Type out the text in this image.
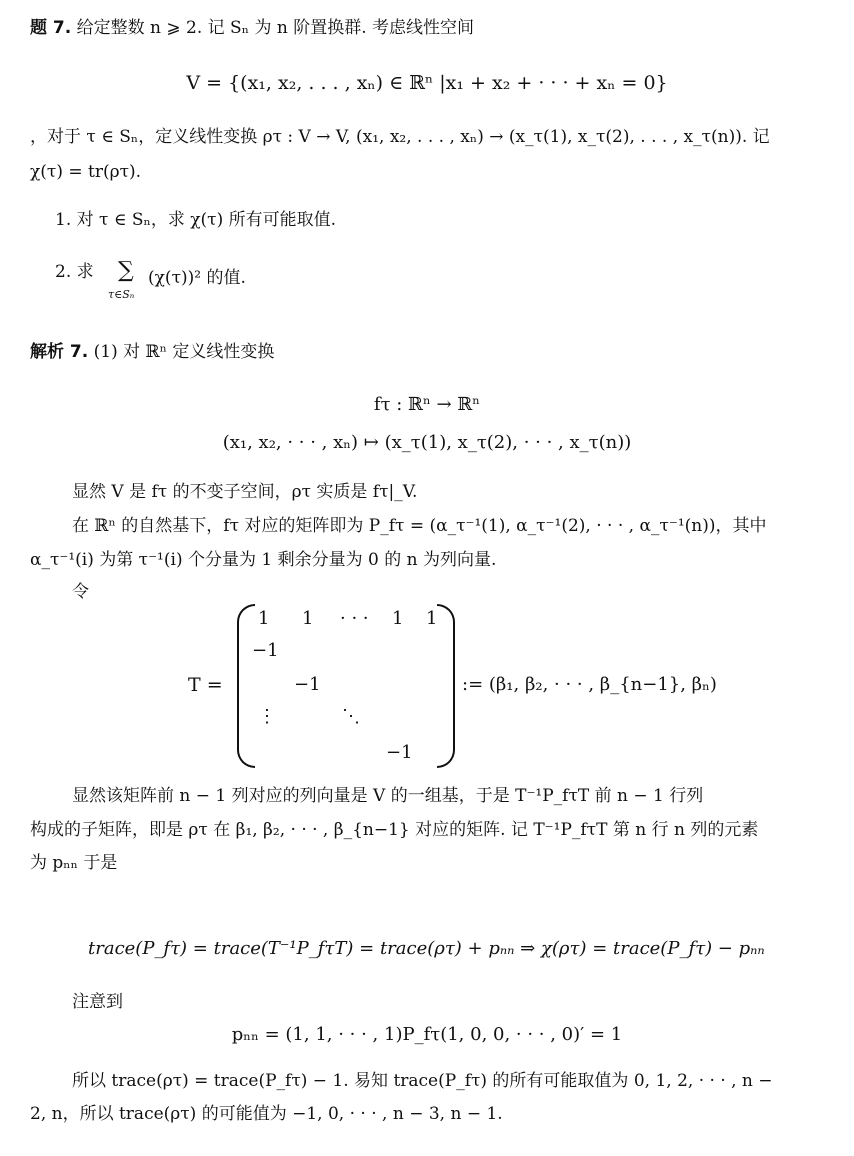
题 7. 给定整数 n ⩾ 2. 记 Sₙ 为 n 阶置换群. 考虑线性空间
V = {(x₁, x₂, . . . , xₙ) ∈ ℝⁿ |x₁ + x₂ + · · · + xₙ = 0}
，对于 τ ∈ Sₙ，定义线性变换 ρτ : V → V, (x₁, x₂, . . . , xₙ) → (x_τ(1), x_τ(2), . . . , x_τ(n)). 记
χ(τ) = tr(ρτ).
1. 对 τ ∈ Sₙ，求 χ(τ) 所有可能取值.
2. 求 ∑
τ∈Sₙ
(χ(τ))² 的值.
解析 7. (1) 对 ℝⁿ 定义线性变换
fτ : ℝⁿ → ℝⁿ
(x₁, x₂, · · · , xₙ) ↦ (x_τ(1), x_τ(2), · · · , x_τ(n))
显然 V 是 fτ 的不变子空间，ρτ 实质是 fτ|_V.
在 ℝⁿ 的自然基下，fτ 对应的矩阵即为 P_fτ = (α_τ⁻¹(1), α_τ⁻¹(2), · · · , α_τ⁻¹(n))，其中
α_τ⁻¹(i) 为第 τ⁻¹(i) 个分量为 1 剩余分量为 0 的 n 为列向量.
令
T =
1 1 · · · 1 1
−1
−1
⋮	⋱
−1
:= (β₁, β₂, · · · , β_{n−1}, βₙ)
显然该矩阵前 n − 1 列对应的列向量是 V 的一组基，于是 T⁻¹P_fτT 前 n − 1 行列
构成的子矩阵，即是 ρτ 在 β₁, β₂, · · · , β_{n−1} 对应的矩阵. 记 T⁻¹P_fτT 第 n 行 n 列的元素
为 pₙₙ 于是
trace(P_fτ) = trace(T⁻¹P_fτT) = trace(ρτ) + pₙₙ ⇒ χ(ρτ) = trace(P_fτ) − pₙₙ
注意到
pₙₙ = (1, 1, · · · , 1)P_fτ(1, 0, 0, · · · , 0)′ = 1
所以 trace(ρτ) = trace(P_fτ) − 1. 易知 trace(P_fτ) 的所有可能取值为 0, 1, 2, · · · , n −
2, n，所以 trace(ρτ) 的可能值为 −1, 0, · · · , n − 3, n − 1.
